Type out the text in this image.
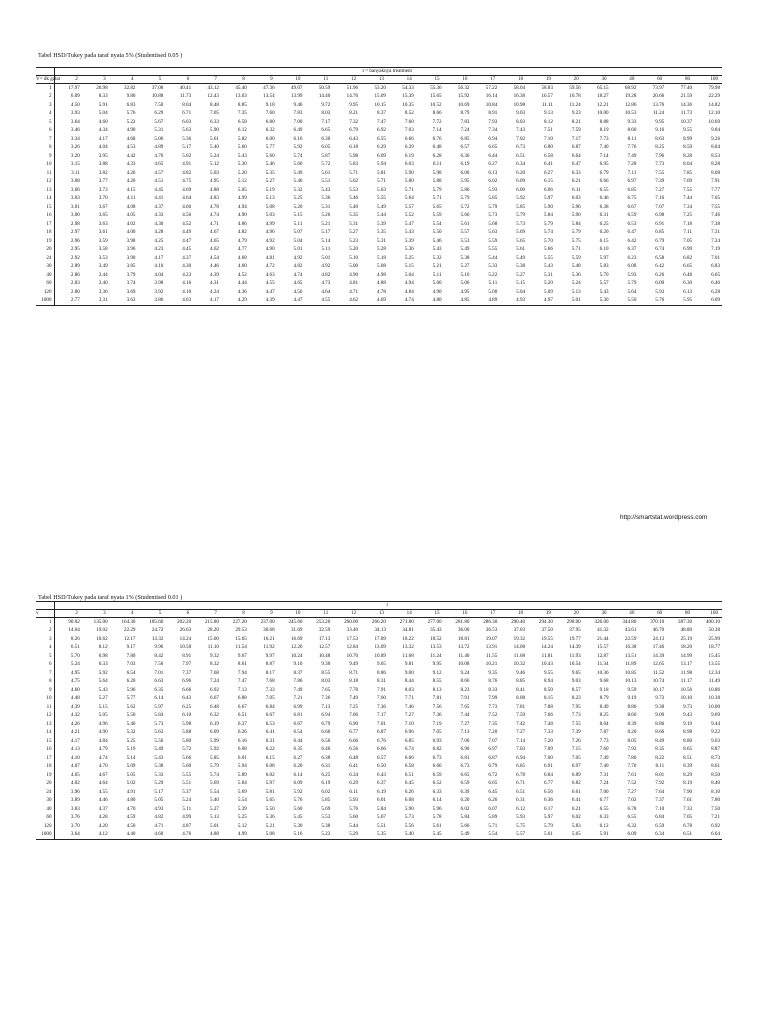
Tabel HSD/Tukey pada taraf nyata 5% (Studentised 0.05 )
	t = banyaknya treatment																							
V= dk galat	2	3	4	5	6	7	8	9	10	11	12	13	14	15	16	17	18	19	20	30	40	60	80	100
1	17.97	26.98	32.82	37.08	40.41	43.12	45.40	47.36	49.07	50.59	51.96	53.20	54.33	55.36	56.32	57.22	58.04	58.83	59.56	65.15	68.92	73.97	77.40	79.98
2	6.09	8.33	9.80	10.88	11.73	12.43	13.03	13.54	13.99	14.40	14.76	15.09	15.39	15.65	15.92	16.14	16.38	16.57	16.78	18.27	19.28	20.66	21.59	22.29
3	4.50	5.91	6.83	7.50	8.04	8.48	8.85	9.18	9.46	9.72	9.95	10.15	10.35	10.52	10.69	10.84	10.98	11.11	11.24	12.21	12.86	13.76	14.36	14.82
4	3.93	5.04	5.76	6.29	6.71	7.05	7.35	7.60	7.83	8.03	8.21	8.37	8.52	8.66	8.79	8.91	9.03	9.13	9.23	10.00	10.53	11.24	11.73	12.10
5	3.64	4.60	5.22	5.67	6.03	6.33	6.58	6.80	7.00	7.17	7.32	7.47	7.60	7.72	7.83	7.93	8.03	8.12	8.21	8.88	9.33	9.95	10.37	10.69
6	3.46	4.34	4.90	5.31	5.63	5.90	6.12	6.32	6.49	6.65	6.79	6.92	7.03	7.14	7.24	7.34	7.43	7.51	7.59	8.19	8.60	9.16	9.55	9.84
7	3.34	4.17	4.68	5.06	5.36	5.61	5.82	6.00	6.16	6.30	6.43	6.55	6.66	6.76	6.85	6.94	7.02	7.10	7.17	7.73	8.11	8.63	8.99	9.26
8	3.26	4.04	4.53	4.89	5.17	5.40	5.60	5.77	5.92	6.05	6.18	6.29	6.39	6.48	6.57	6.65	6.73	6.80	6.87	7.40	7.76	8.25	8.59	8.84
9	3.20	3.95	4.42	4.76	5.02	5.24	5.43	5.60	5.74	5.87	5.98	6.09	6.19	6.28	6.36	6.44	6.51	6.58	6.64	7.14	7.49	7.96	8.28	8.53
10	3.15	3.88	4.33	4.65	4.91	5.12	5.30	5.46	5.60	5.72	5.83	5.94	6.03	6.11	6.19	6.27	6.34	6.41	6.47	6.95	7.28	7.73	8.04	8.28
11	3.11	3.82	4.26	4.57	4.82	5.03	5.20	5.35	5.49	5.61	5.71	5.81	5.90	5.98	6.06	6.13	6.20	6.27	6.33	6.79	7.11	7.55	7.85	8.08
12	3.08	3.77	4.20	4.51	4.75	4.95	5.12	5.27	5.40	5.51	5.62	5.71	5.80	5.88	5.95	6.02	6.09	6.15	6.21	6.66	6.97	7.39	7.69	7.91
13	3.06	3.73	4.15	4.45	4.69	4.88	5.05	5.19	5.32	5.43	5.53	5.63	5.71	5.79	5.86	5.93	6.00	6.06	6.11	6.55	6.85	7.27	7.55	7.77
14	3.03	3.70	4.11	4.41	4.64	4.83	4.99	5.13	5.25	5.36	5.46	5.55	5.64	5.71	5.79	5.85	5.92	5.97	6.03	6.46	6.75	7.16	7.44	7.65
15	3.01	3.67	4.08	4.37	4.60	4.78	4.94	5.08	5.20	5.31	5.40	5.49	5.57	5.65	5.72	5.79	5.85	5.90	5.96	6.38	6.67	7.07	7.34	7.55
16	3.00	3.65	4.05	4.33	4.56	4.74	4.90	5.03	5.15	5.26	5.35	5.44	5.52	5.59	5.66	5.73	5.79	5.84	5.90	6.31	6.59	6.98	7.25	7.46
17	2.98	3.63	4.02	4.30	4.52	4.71	4.86	4.99	5.11	5.21	5.31	5.39	5.47	5.54	5.61	5.68	5.73	5.79	5.84	6.25	6.53	6.91	7.18	7.38
18	2.97	3.61	4.00	4.28	4.49	4.67	4.82	4.96	5.07	5.17	5.27	5.35	5.43	5.50	5.57	5.63	5.69	5.74	5.79	6.20	6.47	6.85	7.11	7.31
19	2.96	3.59	3.98	4.25	4.47	4.65	4.79	4.92	5.04	5.14	5.23	5.31	5.39	5.46	5.53	5.59	5.65	5.70	5.75	6.15	6.42	6.79	7.05	7.24
20	2.95	3.58	3.96	4.23	4.45	4.62	4.77	4.90	5.01	5.11	5.20	5.28	5.36	5.43	5.49	5.55	5.61	5.66	5.71	6.10	6.37	6.74	6.99	7.19
24	2.92	3.53	3.90	4.17	4.37	4.54	4.68	4.81	4.92	5.01	5.10	5.18	5.25	5.32	5.38	5.44	5.49	5.55	5.59	5.97	6.23	6.58	6.82	7.01
30	2.89	3.49	3.85	4.10	4.30	4.46	4.60	4.72	4.82	4.92	5.00	5.08	5.15	5.21	5.27	5.33	5.38	5.43	5.48	5.83	6.08	6.42	6.65	6.83
40	2.86	3.44	3.79	4.04	4.23	4.39	4.52	4.63	4.74	4.82	4.90	4.98	5.04	5.11	5.16	5.22	5.27	5.31	5.36	5.70	5.93	6.26	6.48	6.65
60	2.83	3.40	3.74	3.98	4.16	4.31	4.44	4.55	4.65	4.73	4.81	4.88	4.94	5.00	5.06	5.11	5.15	5.20	5.24	5.57	5.79	6.09	6.30	6.46
120	2.80	3.36	3.69	3.92	4.10	4.24	4.36	4.47	4.56	4.64	4.71	4.78	4.84	4.90	4.95	5.00	5.04	5.09	5.13	5.43	5.64	5.93	6.13	6.28
1000	2.77	3.31	3.63	3.86	4.03	4.17	4.29	4.39	4.47	4.55	4.62	4.69	4.74	4.80	4.85	4.89	4.93	4.97	5.01	5.30	5.50	5.76	5.95	6.09
http://smartstat.wordpress.com
Tabel HSD/Tukey pada taraf nyata 1% (Studentised 0.01 )
	t																							
v	2	3	4	5	6	7	8	9	10	11	12	13	14	15	16	17	18	19	20	30	40	60	80	100
1	90.02	135.00	164.30	185.60	202.20	215.80	227.20	237.00	245.60	253.20	260.00	266.20	271.80	277.00	281.80	286.30	290.40	294.30	298.00	326.00	344.80	370.10	387.30	400.10
2	14.04	19.02	22.29	24.72	26.63	28.20	29.53	30.68	31.69	32.59	33.40	34.13	34.81	35.43	36.00	36.53	37.03	37.50	37.95	41.32	43.61	46.70	48.80	50.38
3	8.26	10.62	12.17	13.32	14.24	15.00	15.65	16.21	16.69	17.13	17.53	17.89	18.22	18.52	18.81	19.07	19.32	19.55	19.77	21.44	22.59	24.13	25.19	25.99
4	6.51	8.12	9.17	9.96	10.58	11.10	11.54	11.92	12.26	12.57	12.84	13.09	13.32	13.53	13.72	13.91	14.08	14.24	14.39	15.57	16.38	17.46	18.20	18.77
5	5.70	6.98	7.80	8.42	8.91	9.32	9.67	9.97	10.24	10.48	10.70	10.89	11.08	11.24	11.40	11.55	11.68	11.81	11.93	12.87	13.51	14.39	14.99	15.45
6	5.24	6.33	7.03	7.56	7.97	8.32	8.61	8.87	9.10	9.30	9.49	9.65	9.81	9.95	10.08	10.21	10.32	10.43	10.54	11.34	11.89	12.65	13.17	13.55
7	4.95	5.92	6.54	7.01	7.37	7.68	7.94	8.17	8.37	8.55	8.71	8.86	9.00	9.12	9.24	9.35	9.46	9.55	9.65	10.36	10.85	11.52	11.98	12.34
8	4.75	5.64	6.20	6.63	6.96	7.24	7.47	7.68	7.86	8.03	8.18	8.31	8.44	8.55	8.66	8.76	8.85	8.94	9.03	9.68	10.13	10.74	11.17	11.49
9	4.60	5.43	5.96	6.35	6.66	6.92	7.13	7.33	7.49	7.65	7.78	7.91	8.03	8.13	8.23	8.33	8.41	8.50	8.57	9.18	9.59	10.17	10.56	10.86
10	4.48	5.27	5.77	6.14	6.43	6.67	6.88	7.05	7.21	7.36	7.49	7.60	7.71	7.81	7.91	7.99	8.08	8.15	8.23	8.79	9.19	9.73	10.10	10.38
11	4.39	5.15	5.62	5.97	6.25	6.48	6.67	6.84	6.99	7.13	7.25	7.36	7.46	7.56	7.65	7.73	7.81	7.88	7.95	8.49	8.86	9.38	9.73	10.00
12	4.32	5.05	5.50	5.84	6.10	6.32	6.51	6.67	6.81	6.94	7.06	7.17	7.27	7.36	7.44	7.52	7.59	7.66	7.73	8.25	8.60	9.09	9.43	9.69
13	4.26	4.96	5.40	5.73	5.98	6.19	6.37	6.53	6.67	6.79	6.90	7.01	7.10	7.19	7.27	7.35	7.42	7.48	7.55	8.04	8.39	8.86	9.19	9.44
14	4.21	4.90	5.32	5.63	5.88	6.09	6.26	6.41	6.54	6.66	6.77	6.87	6.96	7.05	7.13	7.20	7.27	7.33	7.39	7.87	8.20	8.66	8.98	9.22
15	4.17	4.84	5.25	5.56	5.80	5.99	6.16	6.31	6.44	6.56	6.66	6.76	6.85	6.93	7.00	7.07	7.14	7.20	7.26	7.73	8.05	8.49	8.80	9.03
16	4.13	4.79	5.19	5.49	5.72	5.92	6.08	6.22	6.35	6.46	6.56	6.66	6.74	6.82	6.90	6.97	7.03	7.09	7.15	7.60	7.92	8.35	8.65	8.87
17	4.10	4.74	5.14	5.43	5.66	5.85	6.01	6.15	6.27	6.38	6.48	6.57	6.66	6.73	6.81	6.87	6.94	7.00	7.05	7.49	7.80	8.22	8.51	8.73
18	4.07	4.70	5.09	5.38	5.60	5.79	5.94	6.08	6.20	6.31	6.41	6.50	6.58	6.66	6.73	6.79	6.85	6.91	6.97	7.40	7.70	8.11	8.39	8.61
19	4.05	4.67	5.05	5.33	5.55	5.74	5.89	6.02	6.14	6.25	6.34	6.43	6.51	6.59	6.65	6.72	6.78	6.84	6.89	7.31	7.61	8.01	8.29	8.50
20	4.02	4.64	5.02	5.29	5.51	5.69	5.84	5.97	6.09	6.19	6.29	6.37	6.45	6.52	6.59	6.65	6.71	6.77	6.82	7.24	7.52	7.92	8.19	8.40
24	3.96	4.55	4.91	5.17	5.37	5.54	5.69	5.81	5.92	6.02	6.11	6.19	6.26	6.33	6.39	6.45	6.51	6.56	6.61	7.00	7.27	7.64	7.90	8.10
30	3.89	4.46	4.80	5.05	5.24	5.40	5.54	5.65	5.76	5.85	5.93	6.01	6.08	6.14	6.20	6.26	6.31	6.36	6.41	6.77	7.02	7.37	7.61	7.80
40	3.83	4.37	4.70	4.93	5.11	5.27	5.39	5.50	5.60	5.69	5.76	5.84	5.90	5.96	6.02	6.07	6.12	6.17	6.21	6.55	6.78	7.10	7.33	7.50
60	3.76	4.28	4.59	4.82	4.99	5.13	5.25	5.36	5.45	5.53	5.60	5.67	5.73	5.78	5.84	5.89	5.93	5.97	6.02	6.33	6.55	6.84	7.05	7.21
120	3.70	4.20	4.50	4.71	4.87	5.01	5.12	5.21	5.30	5.38	5.44	5.51	5.56	5.61	5.66	5.71	5.75	5.79	5.83	6.12	6.32	6.59	6.78	6.92
1000	3.64	4.12	4.40	4.60	4.76	4.88	4.99	5.08	5.16	5.23	5.29	5.35	5.40	5.45	5.49	5.54	5.57	5.61	5.65	5.91	6.09	6.34	6.51	6.64
